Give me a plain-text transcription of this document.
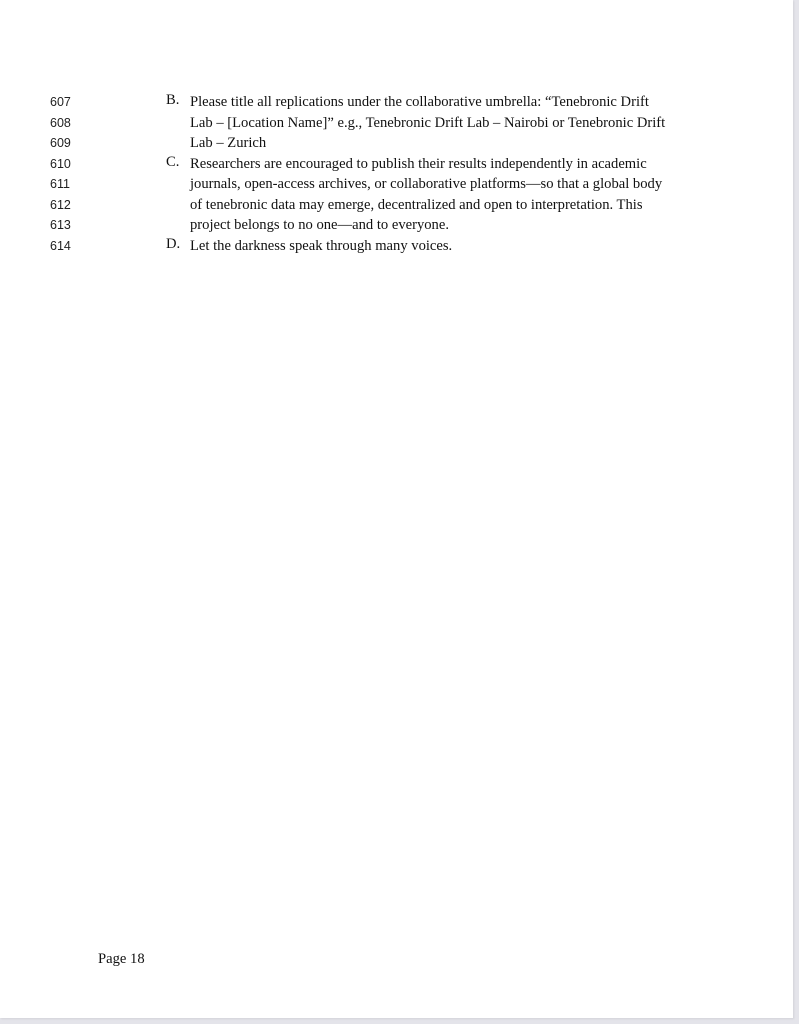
607
608
609
610
611
612
613
614
B. Please title all replications under the collaborative umbrella: “Tenebronic Drift
Lab – [Location Name]” e.g., Tenebronic Drift Lab – Nairobi or Tenebronic Drift
Lab – Zurich
C. Researchers are encouraged to publish their results independently in academic
journals, open-access archives, or collaborative platforms—so that a global body
of tenebronic data may emerge, decentralized and open to interpretation. This
project belongs to no one—and to everyone.
D. Let the darkness speak through many voices.
Page 18
